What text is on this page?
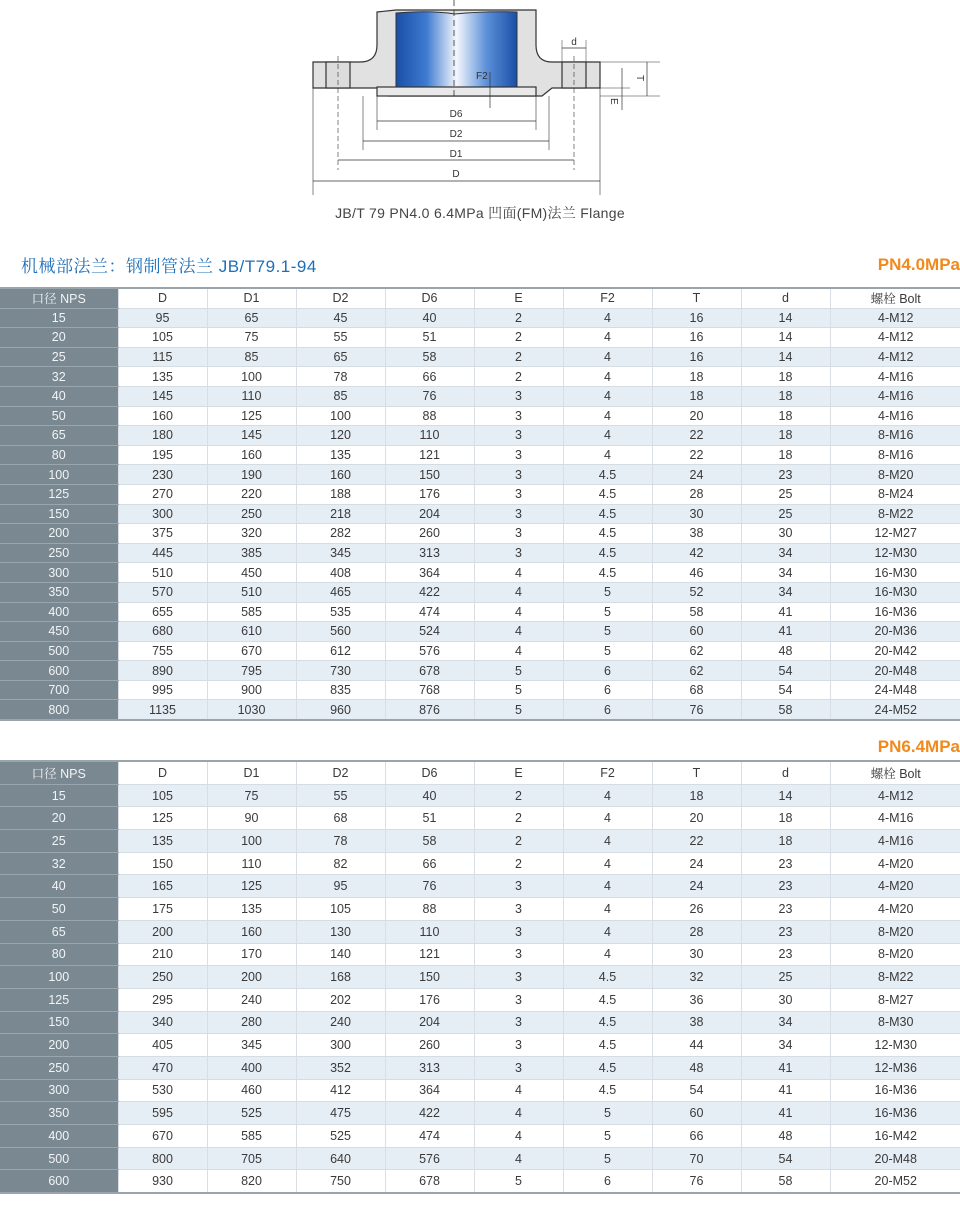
D6
D2
D1
D
d
F2	T
E
JB/T 79 PN4.0 6.4MPa 凹面(FM)法兰 Flange
机械部法兰：钢制管法兰 JB/T79.1-94	PN4.0MPa
口径 NPS	D	D1	D2	D6	E	F2	T	d	螺栓 Bolt
15	95	65	45	40	2	4	16	14	4-M12
20	105	75	55	51	2	4	16	14	4-M12
25	115	85	65	58	2	4	16	14	4-M12
32	135	100	78	66	2	4	18	18	4-M16
40	145	110	85	76	3	4	18	18	4-M16
50	160	125	100	88	3	4	20	18	4-M16
65	180	145	120	110	3	4	22	18	8-M16
80	195	160	135	121	3	4	22	18	8-M16
100	230	190	160	150	3	4.5	24	23	8-M20
125	270	220	188	176	3	4.5	28	25	8-M24
150	300	250	218	204	3	4.5	30	25	8-M22
200	375	320	282	260	3	4.5	38	30	12-M27
250	445	385	345	313	3	4.5	42	34	12-M30
300	510	450	408	364	4	4.5	46	34	16-M30
350	570	510	465	422	4	5	52	34	16-M30
400	655	585	535	474	4	5	58	41	16-M36
450	680	610	560	524	4	5	60	41	20-M36
500	755	670	612	576	4	5	62	48	20-M42
600	890	795	730	678	5	6	62	54	20-M48
700	995	900	835	768	5	6	68	54	24-M48
800	1135	1030	960	876	5	6	76	58	24-M52
PN6.4MPa
口径 NPS	D	D1	D2	D6	E	F2	T	d	螺栓 Bolt
15	105	75	55	40	2	4	18	14	4-M12
20	125	90	68	51	2	4	20	18	4-M16
25	135	100	78	58	2	4	22	18	4-M16
32	150	110	82	66	2	4	24	23	4-M20
40	165	125	95	76	3	4	24	23	4-M20
50	175	135	105	88	3	4	26	23	4-M20
65	200	160	130	110	3	4	28	23	8-M20
80	210	170	140	121	3	4	30	23	8-M20
100	250	200	168	150	3	4.5	32	25	8-M22
125	295	240	202	176	3	4.5	36	30	8-M27
150	340	280	240	204	3	4.5	38	34	8-M30
200	405	345	300	260	3	4.5	44	34	12-M30
250	470	400	352	313	3	4.5	48	41	12-M36
300	530	460	412	364	4	4.5	54	41	16-M36
350	595	525	475	422	4	5	60	41	16-M36
400	670	585	525	474	4	5	66	48	16-M42
500	800	705	640	576	4	5	70	54	20-M48
600	930	820	750	678	5	6	76	58	20-M52
